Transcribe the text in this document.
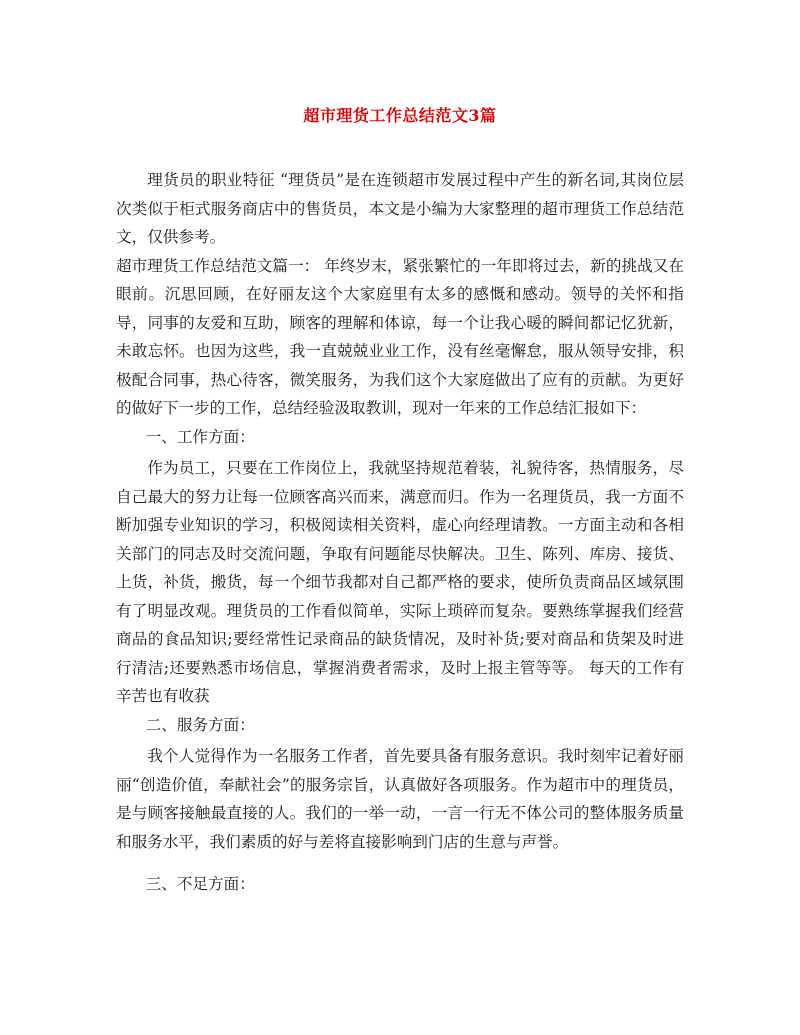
超市理货工作总结范文3篇

理货员的职业特征 “理货员”是在连锁超市发展过程中产生的新名词,其岗位层次类似于柜式服务商店中的售货员，本文是小编为大家整理的超市理货工作总结范文，仅供参考。

超市理货工作总结范文篇一： 年终岁末，紧张繁忙的一年即将过去，新的挑战又在眼前。沉思回顾，在好丽友这个大家庭里有太多的感慨和感动。领导的关怀和指导，同事的友爱和互助，顾客的理解和体谅，每一个让我心暖的瞬间都记忆犹新，未敢忘怀。也因为这些，我一直兢兢业业工作，没有丝毫懈怠，服从领导安排，积极配合同事，热心待客，微笑服务，为我们这个大家庭做出了应有的贡献。为更好的做好下一步的工作，总结经验汲取教训，现对一年来的工作总结汇报如下：

一、工作方面：

作为员工，只要在工作岗位上，我就坚持规范着装，礼貌待客，热情服务，尽自己最大的努力让每一位顾客高兴而来，满意而归。作为一名理货员，我一方面不断加强专业知识的学习，积极阅读相关资料，虚心向经理请教。一方面主动和各相关部门的同志及时交流问题，争取有问题能尽快解决。卫生、陈列、库房、接货、上货，补货，搬货，每一个细节我都对自己都严格的要求，使所负责商品区域氛围有了明显改观。理货员的工作看似简单，实际上琐碎而复杂。要熟练掌握我们经营商品的食品知识;要经常性记录商品的缺货情况，及时补货;要对商品和货架及时进行清洁;还要熟悉市场信息，掌握消费者需求，及时上报主管等等。 每天的工作有辛苦也有收获

二、服务方面：

我个人觉得作为一名服务工作者，首先要具备有服务意识。我时刻牢记着好丽丽“创造价值，奉献社会”的服务宗旨，认真做好各项服务。作为超市中的理货员，是与顾客接触最直接的人。我们的一举一动，一言一行无不体公司的整体服务质量和服务水平，我们素质的好与差将直接影响到门店的生意与声誉。

三、不足方面：
